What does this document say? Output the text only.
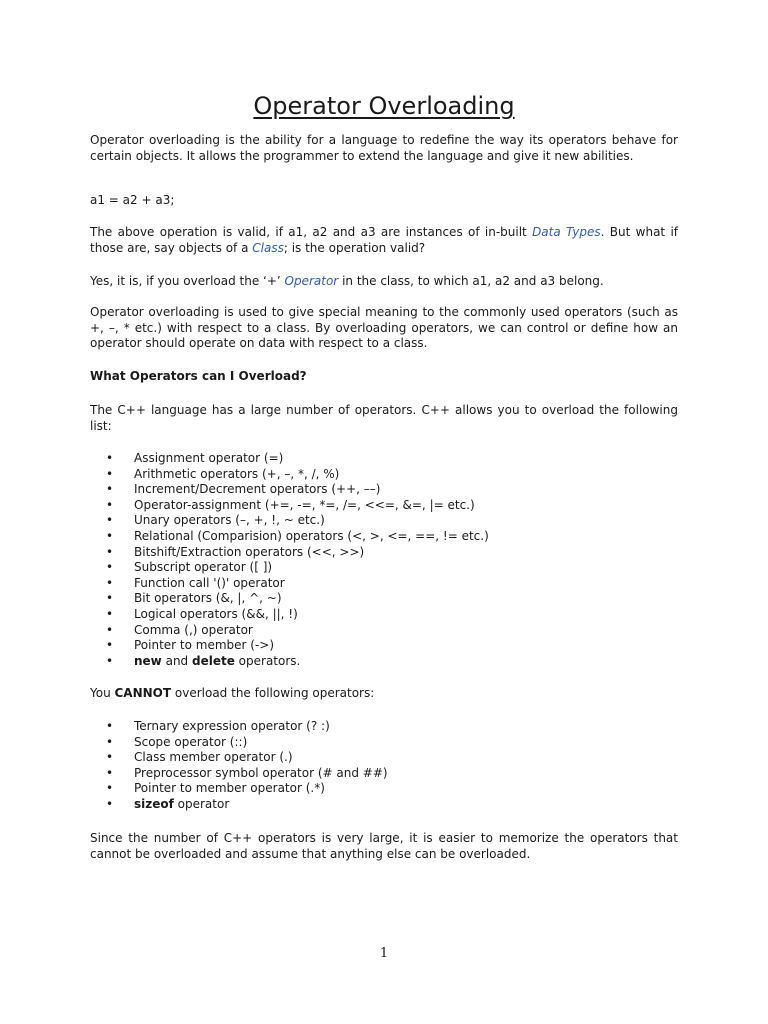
Operator Overloading

Operator overloading is the ability for a language to redefine the way its operators behave for certain objects. It allows the programmer to extend the language and give it new abilities.

a1 = a2 + a3;

The above operation is valid, if a1, a2 and a3 are instances of in-built Data Types. But what if those are, say objects of a Class; is the operation valid?

Yes, it is, if you overload the ‘+’ Operator in the class, to which a1, a2 and a3 belong.

Operator overloading is used to give special meaning to the commonly used operators (such as +, –, * etc.) with respect to a class. By overloading operators, we can control or define how an operator should operate on data with respect to a class.

What Operators can I Overload?

The C++ language has a large number of operators. C++ allows you to overload the following list:

• Assignment operator (=)
• Arithmetic operators (+, –, *, /, %)
• Increment/Decrement operators (++, ––)
• Operator-assignment (+=, -=, *=, /=, <<=, &=, |= etc.)
• Unary operators (–, +, !, ~ etc.)
• Relational (Comparision) operators (<, >, <=, ==, != etc.)
• Bitshift/Extraction operators (<<, >>)
• Subscript operator ([ ])
• Function call '()' operator
• Bit operators (&, |, ^, ~)
• Logical operators (&&, ||, !)
• Comma (,) operator
• Pointer to member (->)
• new and delete operators.

You CANNOT overload the following operators:

• Ternary expression operator (? :)
• Scope operator (::)
• Class member operator (.)
• Preprocessor symbol operator (# and ##)
• Pointer to member operator (.*)
• sizeof operator

Since the number of C++ operators is very large, it is easier to memorize the operators that cannot be overloaded and assume that anything else can be overloaded.

1
